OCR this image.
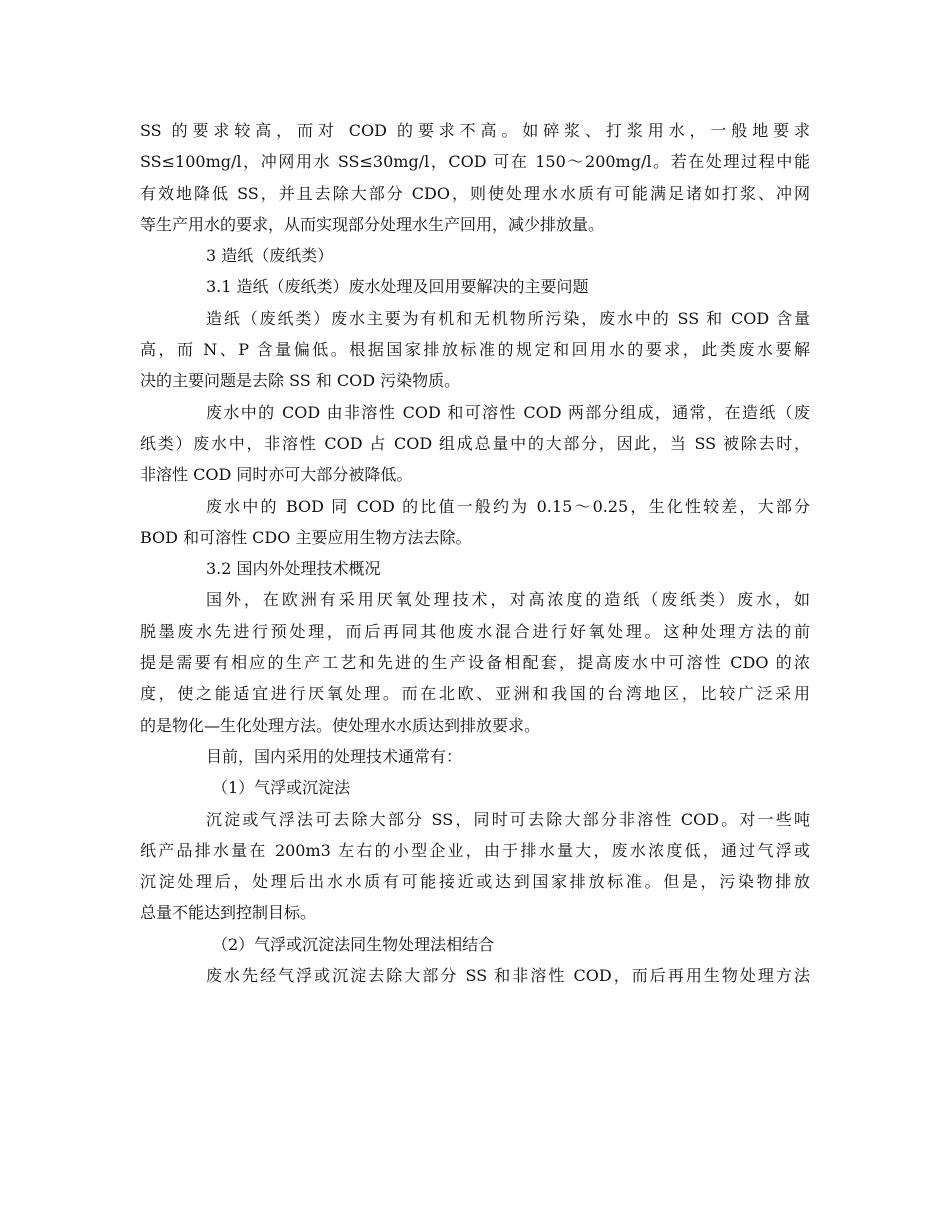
SS 的要求较高，而对 COD 的要求不高。如碎浆、打浆用水，一般地要求
SS≤100mg/l，冲网用水 SS≤30mg/l，COD 可在 150～200mg/l。若在处理过程中能
有效地降低 SS，并且去除大部分 CDO，则使处理水水质有可能满足诸如打浆、冲网
等生产用水的要求，从而实现部分处理水生产回用，减少排放量。
3 造纸（废纸类）
3.1 造纸（废纸类）废水处理及回用要解决的主要问题
造纸（废纸类）废水主要为有机和无机物所污染，废水中的 SS 和 COD 含量
高，而 N、P 含量偏低。根据国家排放标准的规定和回用水的要求，此类废水要解
决的主要问题是去除 SS 和 COD 污染物质。
废水中的 COD 由非溶性 COD 和可溶性 COD 两部分组成，通常，在造纸（废
纸类）废水中，非溶性 COD 占 COD 组成总量中的大部分，因此，当 SS 被除去时，
非溶性 COD 同时亦可大部分被降低。
废水中的 BOD 同 COD 的比值一般约为 0.15～0.25，生化性较差，大部分
BOD 和可溶性 CDO 主要应用生物方法去除。
3.2 国内外处理技术概况
国外，在欧洲有采用厌氧处理技术，对高浓度的造纸（废纸类）废水，如
脱墨废水先进行预处理，而后再同其他废水混合进行好氧处理。这种处理方法的前
提是需要有相应的生产工艺和先进的生产设备相配套，提高废水中可溶性 CDO 的浓
度，使之能适宜进行厌氧处理。而在北欧、亚洲和我国的台湾地区，比较广泛采用
的是物化—生化处理方法。使处理水水质达到排放要求。
目前，国内采用的处理技术通常有：
（1）气浮或沉淀法
沉淀或气浮法可去除大部分 SS，同时可去除大部分非溶性 COD。对一些吨
纸产品排水量在 200m3 左右的小型企业，由于排水量大，废水浓度低，通过气浮或
沉淀处理后，处理后出水水质有可能接近或达到国家排放标准。但是，污染物排放
总量不能达到控制目标。
（2）气浮或沉淀法同生物处理法相结合
废水先经气浮或沉淀去除大部分 SS 和非溶性 COD，而后再用生物处理方法
